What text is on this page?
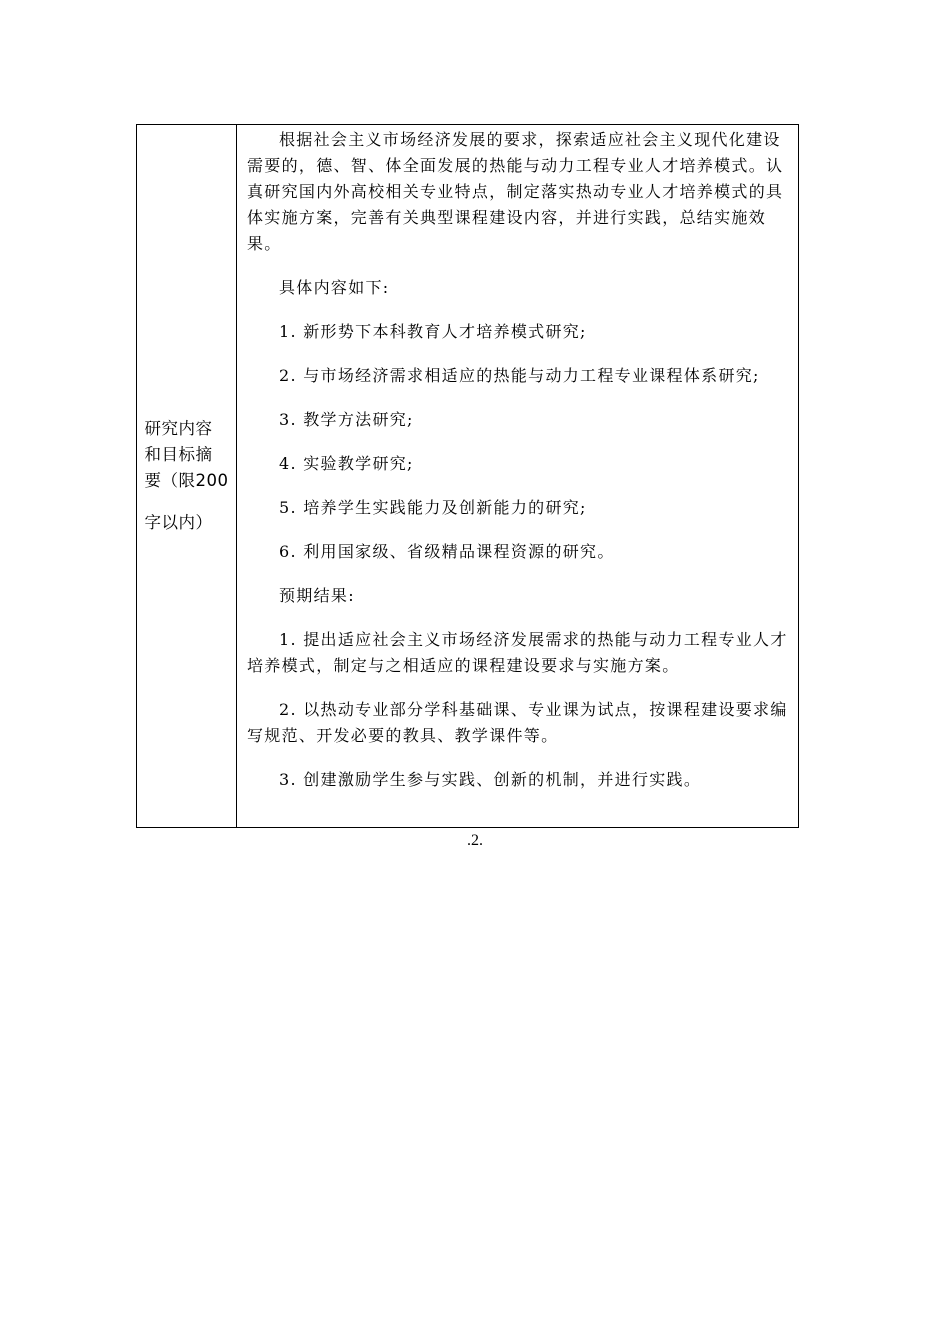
研究内容
和目标摘
要（限200
字以内）

根据社会主义市场经济发展的要求，探索适应社会主义现代化建设需要的，德、智、体全面发展的热能与动力工程专业人才培养模式。认真研究国内外高校相关专业特点，制定落实热动专业人才培养模式的具体实施方案，完善有关典型课程建设内容，并进行实践，总结实施效果。

具体内容如下:

1. 新形势下本科教育人才培养模式研究;

2. 与市场经济需求相适应的热能与动力工程专业课程体系研究;

3. 教学方法研究;

4. 实验教学研究;

5. 培养学生实践能力及创新能力的研究;

6. 利用国家级、省级精品课程资源的研究。

预期结果:

1. 提出适应社会主义市场经济发展需求的热能与动力工程专业人才培养模式，制定与之相适应的课程建设要求与实施方案。

2. 以热动专业部分学科基础课、专业课为试点，按课程建设要求编写规范、开发必要的教具、教学课件等。

3. 创建激励学生参与实践、创新的机制，并进行实践。

.2.
